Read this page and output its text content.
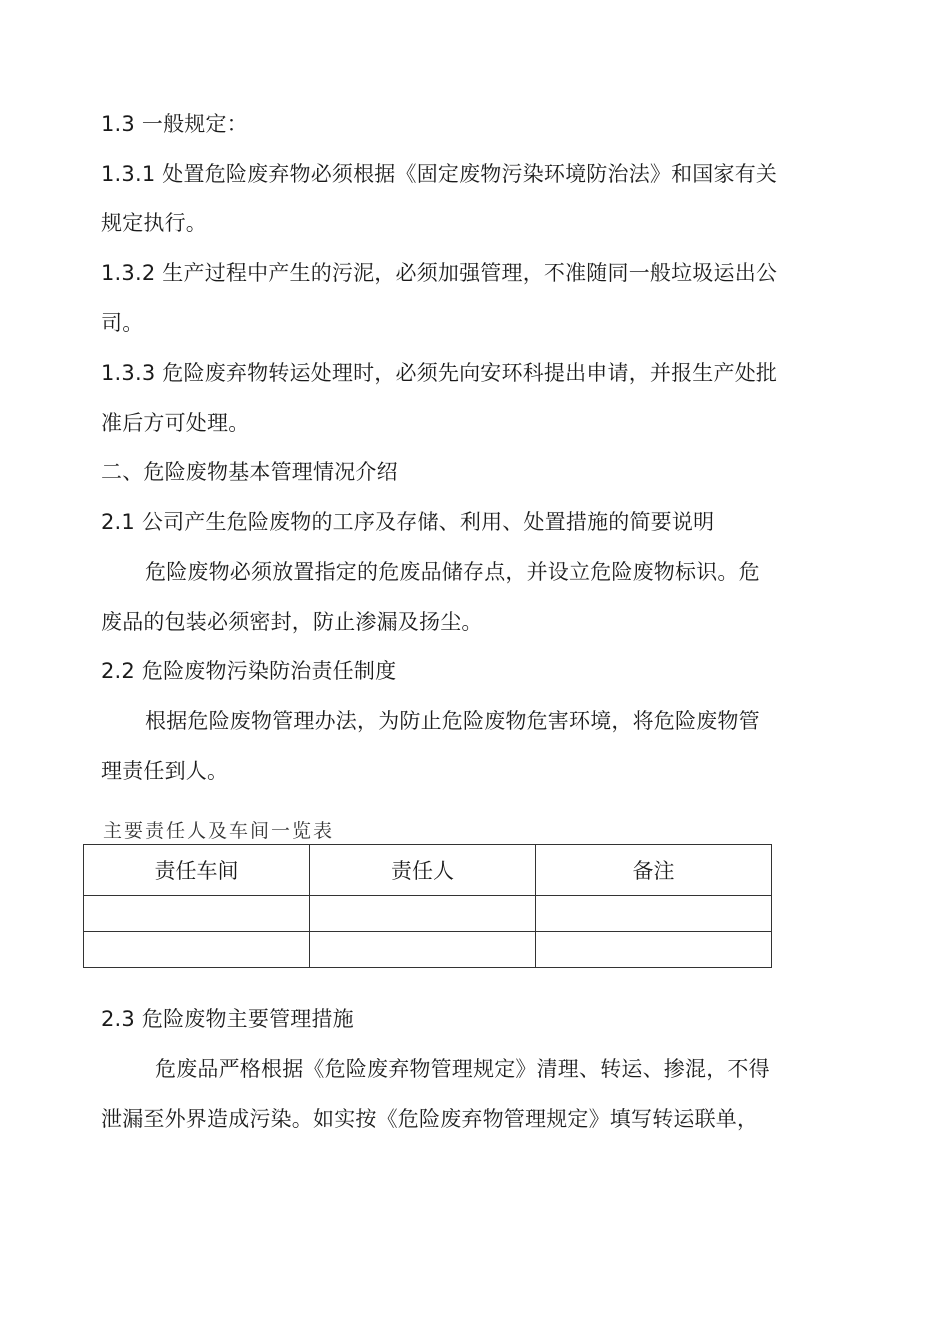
1.3 一般规定：
1.3.1 处置危险废弃物必须根据《固定废物污染环境防治法》和国家有关
规定执行。
1.3.2 生产过程中产生的污泥，必须加强管理，不准随同一般垃圾运出公
司。
1.3.3 危险废弃物转运处理时，必须先向安环科提出申请，并报生产处批
准后方可处理。
二、危险废物基本管理情况介绍
2.1 公司产生危险废物的工序及存储、利用、处置措施的简要说明
危险废物必须放置指定的危废品储存点，并设立危险废物标识。危
废品的包装必须密封，防止渗漏及扬尘。
2.2 危险废物污染防治责任制度
根据危险废物管理办法，为防止危险废物危害环境，将危险废物管
理责任到人。
主要责任人及车间一览表
责任车间	责任人	备注

2.3 危险废物主要管理措施
危废品严格根据《危险废弃物管理规定》清理、转运、掺混，不得
泄漏至外界造成污染。如实按《危险废弃物管理规定》填写转运联单，
